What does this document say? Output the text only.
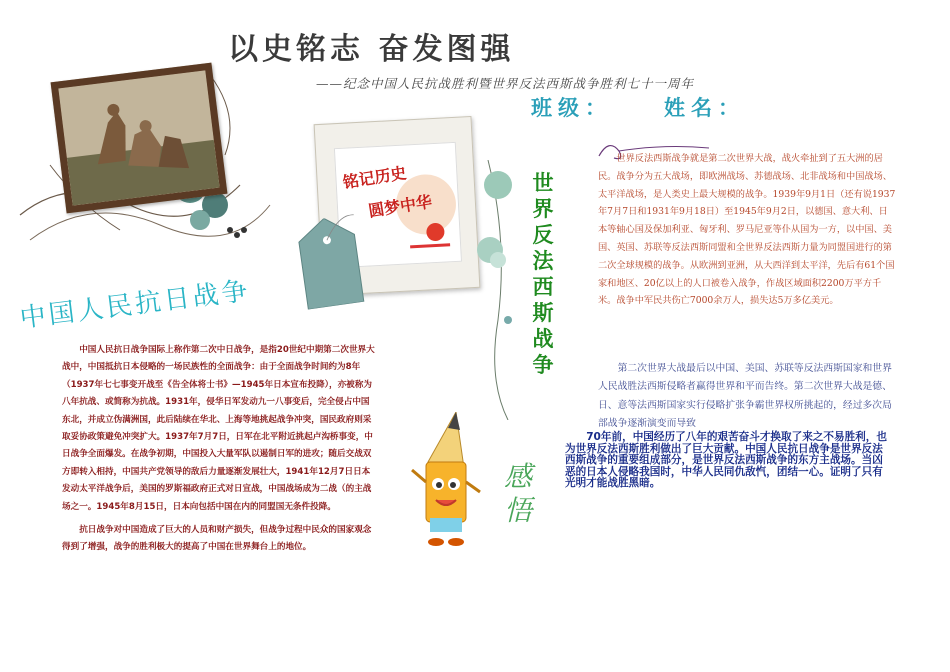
以史铭志 奋发图强
——纪念中国人民抗战胜利暨世界反法西斯战争胜利七十一周年
班级： 姓名：
铭记历史
圆梦中华
世界反法西斯战争
中国人民抗日战争

中国人民抗日战争国际上称作第二次中日战争，是指20世纪中期第二次世界大战中，中国抵抗日本侵略的一场民族性的全面战争：由于全面战争时间约为8年（1937年七七事变开战至《告全体将士书》—1945年日本宣布投降），亦被称为八年抗战、或简称为抗战。1931年，侵华日军发动九一八事变后，完全侵占中国东北，并成立伪满洲国，此后陆续在华北、上海等地挑起战争冲突，国民政府则采取妥协政策避免冲突扩大。1937年7月7日，日军在北平附近挑起卢沟桥事变，中日战争全面爆发。在战争初期，中国投入大量军队以遏制日军的进攻；随后交战双方即转入相持，中国共产党领导的敌后力量逐渐发展壮大，1941年12月7日日本发动太平洋战争后，美国的罗斯福政府正式对日宣战，中国战场成为二战（的主战场之一。1945年8月15日，日本向包括中国在内的同盟国无条件投降。

抗日战争对中国造成了巨大的人员和财产损失，但战争过程中民众的国家观念得到了增强，战争的胜利极大的提高了中国在世界舞台上的地位。

世界反法西斯战争就是第二次世界大战，战火牵扯到了五大洲的居民。战争分为五大战场，即欧洲战场、苏德战场、北非战场和中国战场、太平洋战场，是人类史上最大规模的战争。1939年9月1日（还有说1937年7月7日和1931年9月18日）至1945年9月2日，以德国、意大利、日本等轴心国及保加利亚、匈牙利、罗马尼亚等仆从国为一方，以中国、美国、英国、苏联等反法西斯同盟和全世界反法西斯力量为同盟国进行的第二次全球规模的战争。从欧洲到亚洲，从大西洋到太平洋，先后有61个国家和地区、20亿以上的人口被卷入战争，作战区域面积2200万平方千米。战争中军民共伤亡7000余万人，损失达5万多亿美元。

第二次世界大战最后以中国、美国、苏联等反法西斯国家和世界人民战胜法西斯侵略者赢得世界和平而告终。第二次世界大战是德、日、意等法西斯国家实行侵略扩张争霸世界权所挑起的，经过多次局部战争逐渐演变而导致

70年前，中国经历了八年的艰苦奋斗才换取了来之不易胜利，也为世界反法西斯胜利做出了巨大贡献。中国人民抗日战争是世界反法西斯战争的重要组成部分，是世界反法西斯战争的东方主战场。当凶恶的日本人侵略我国时，中华人民同仇敌忾，团结一心。证明了只有光明才能战胜黑暗。

感悟
